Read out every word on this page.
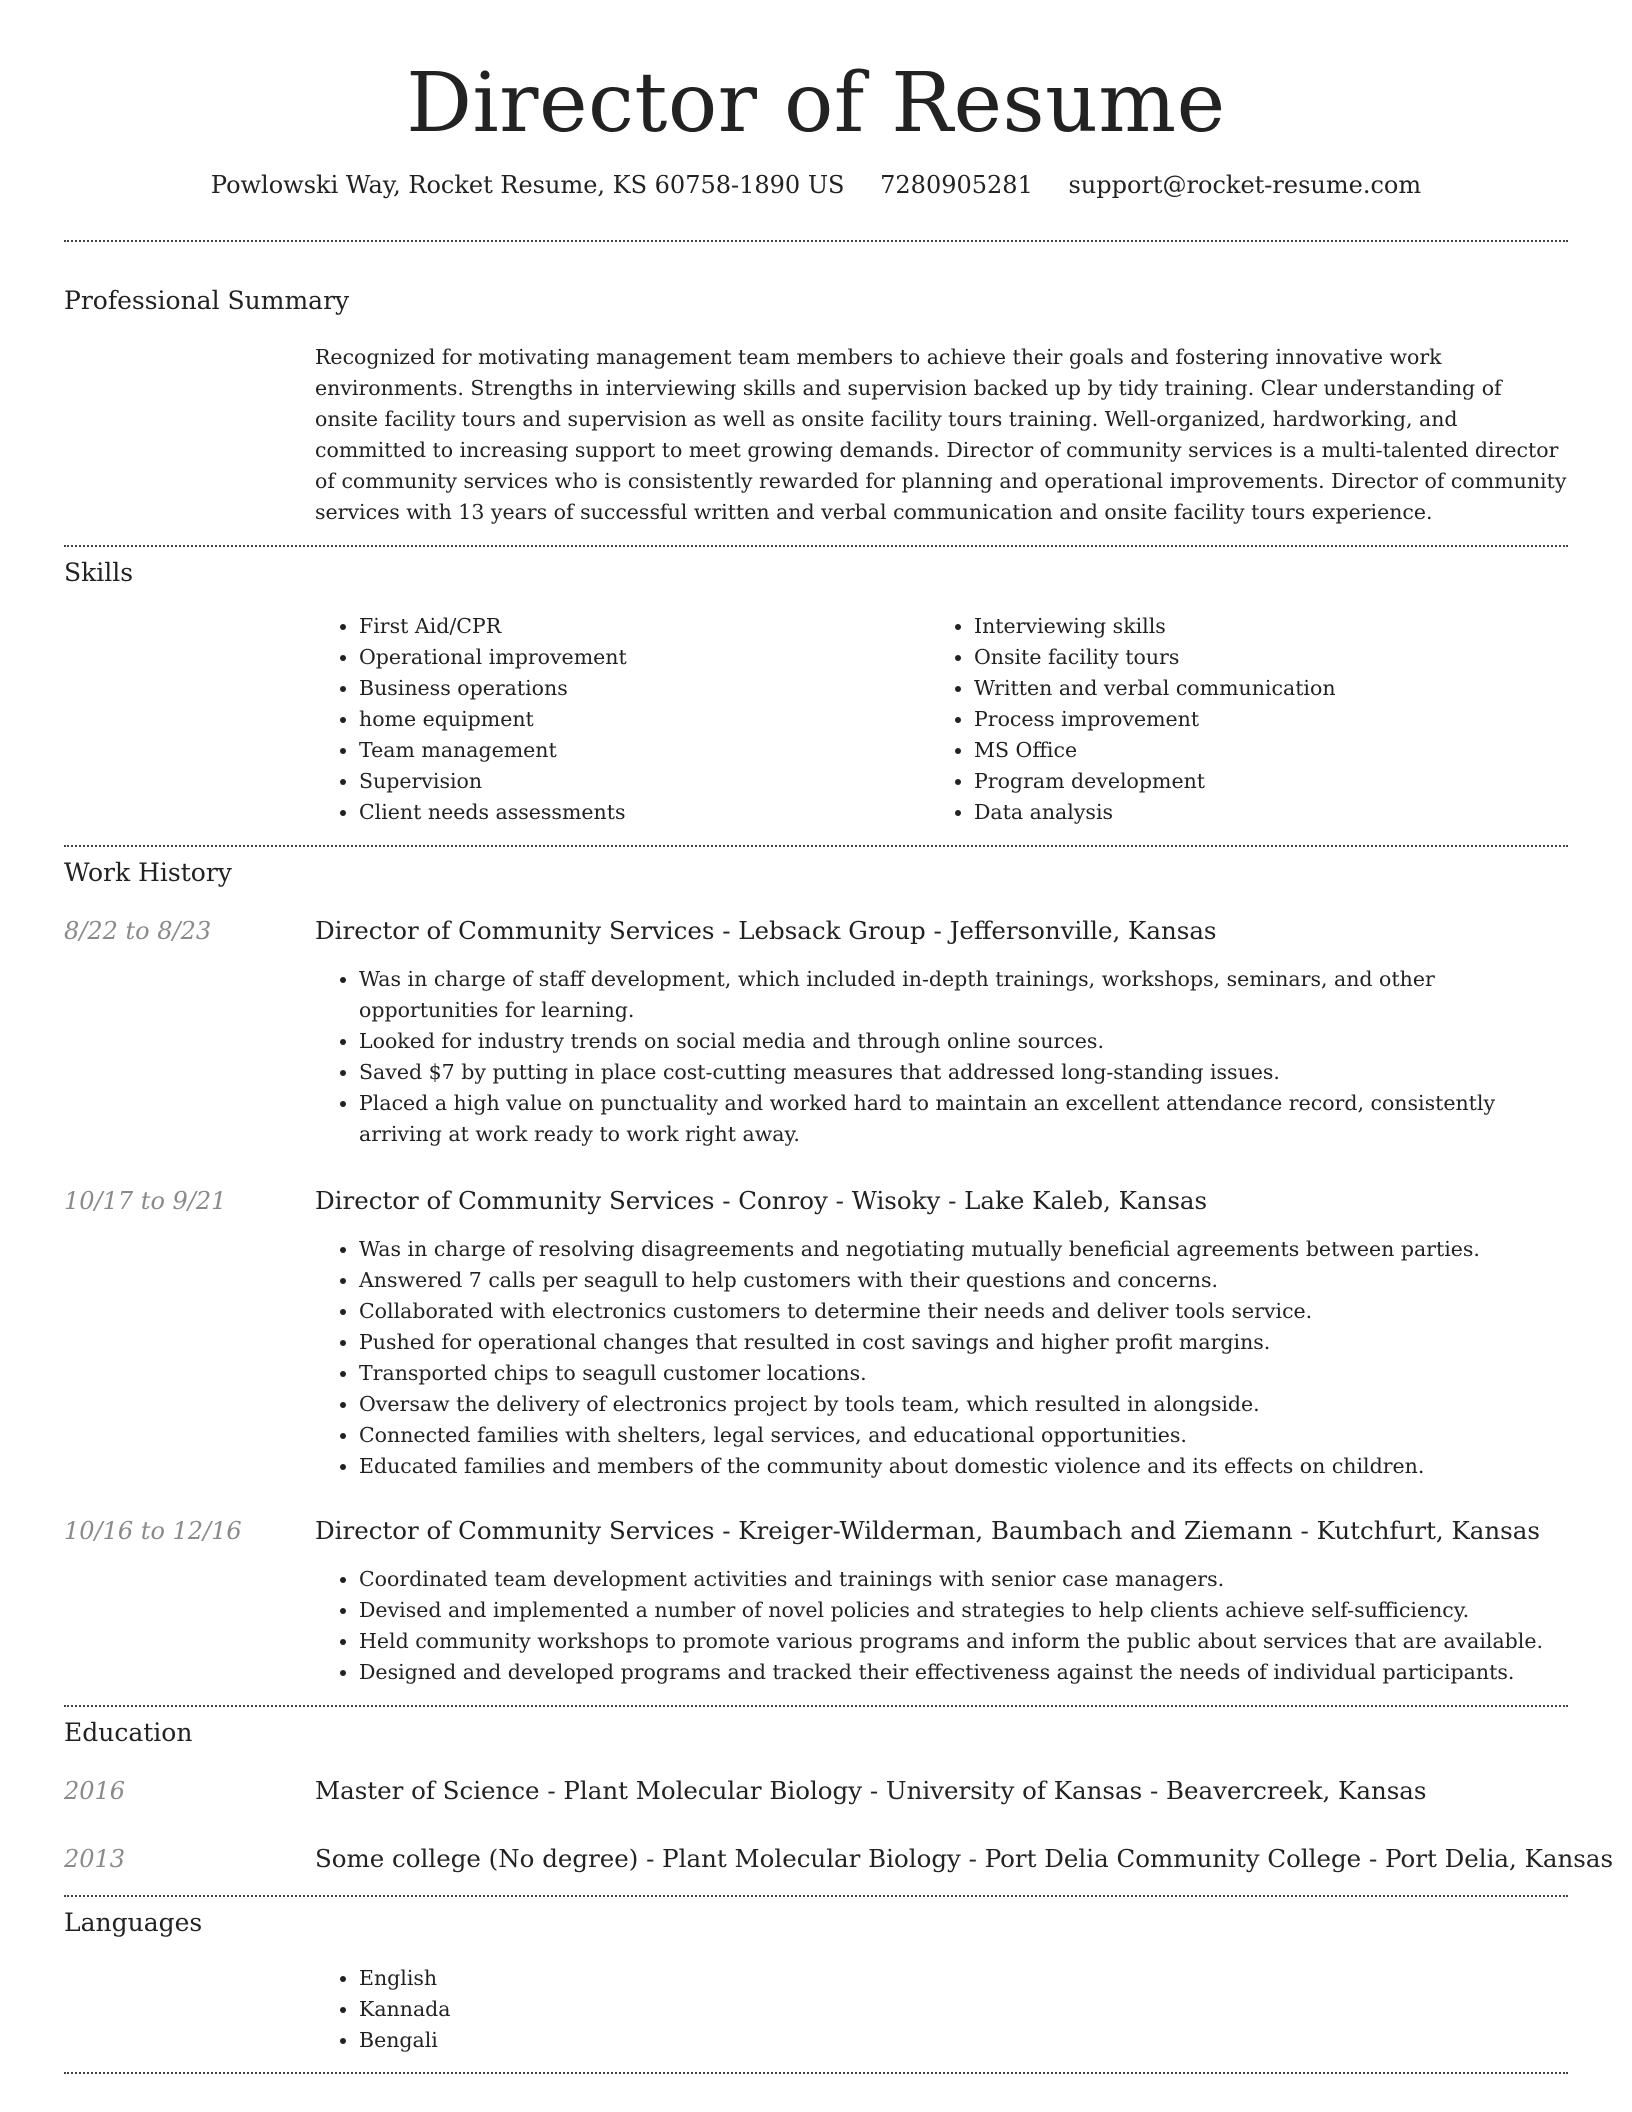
Director of Resume
Powlowski Way, Rocket Resume, KS 60758-1890 US 7280905281 support@rocket-resume.com
Professional Summary

Recognized for motivating management team members to achieve their goals and fostering innovative work environments. Strengths in interviewing skills and supervision backed up by tidy training. Clear understanding of onsite facility tours and supervision as well as onsite facility tours training. Well-organized, hardworking, and committed to increasing support to meet growing demands. Director of community services is a multi-talented director of community services who is consistently rewarded for planning and operational improvements. Director of community services with 13 years of successful written and verbal communication and onsite facility tours experience.

Skills
• First Aid/CPR
• Operational improvement
• Business operations
• home equipment
• Team management
• Supervision
• Client needs assessments
• Interviewing skills
• Onsite facility tours
• Written and verbal communication
• Process improvement
• MS Office
• Program development
• Data analysis
Work History
8/22 to 8/23	Director of Community Services - Lebsack Group - Jeffersonville, Kansas
• Was in charge of staff development, which included in-depth trainings, workshops, seminars, and other opportunities for learning.
• Looked for industry trends on social media and through online sources.
• Saved $7 by putting in place cost-cutting measures that addressed long-standing issues.
• Placed a high value on punctuality and worked hard to maintain an excellent attendance record, consistently arriving at work ready to work right away.
10/17 to 9/21	Director of Community Services - Conroy - Wisoky - Lake Kaleb, Kansas
• Was in charge of resolving disagreements and negotiating mutually beneficial agreements between parties.
• Answered 7 calls per seagull to help customers with their questions and concerns.
• Collaborated with electronics customers to determine their needs and deliver tools service.
• Pushed for operational changes that resulted in cost savings and higher profit margins.
• Transported chips to seagull customer locations.
• Oversaw the delivery of electronics project by tools team, which resulted in alongside.
• Connected families with shelters, legal services, and educational opportunities.
• Educated families and members of the community about domestic violence and its effects on children.
10/16 to 12/16	Director of Community Services - Kreiger-Wilderman, Baumbach and Ziemann - Kutchfurt, Kansas
• Coordinated team development activities and trainings with senior case managers.
• Devised and implemented a number of novel policies and strategies to help clients achieve self-sufficiency.
• Held community workshops to promote various programs and inform the public about services that are available.
• Designed and developed programs and tracked their effectiveness against the needs of individual participants.
Education
2016	Master of Science - Plant Molecular Biology - University of Kansas - Beavercreek, Kansas
2013	Some college (No degree) - Plant Molecular Biology - Port Delia Community College - Port Delia, Kansas
Languages
• English
• Kannada
• Bengali
